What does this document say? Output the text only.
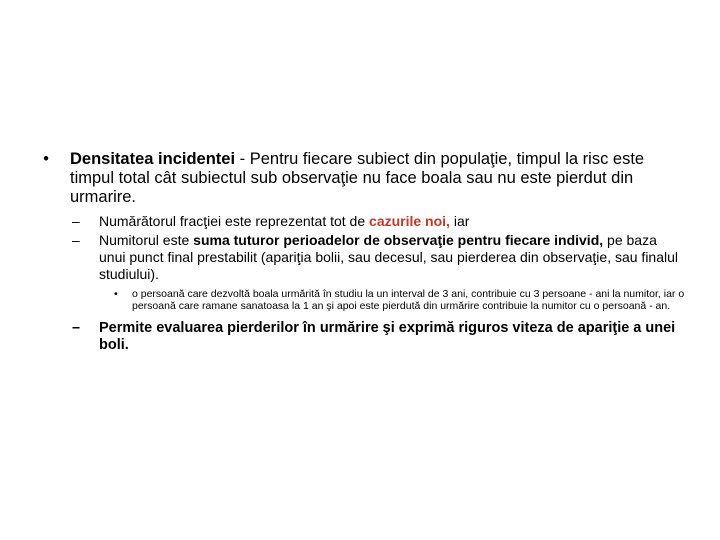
•	Densitatea incidentei - Pentru fiecare subiect din populaţie, timpul la risc este timpul total cât subiectul sub observaţie nu face boala sau nu este pierdut din urmarire.
– Numărătorul fracţiei este reprezentat tot de cazurile noi, iar
– Numitorul este suma tuturor perioadelor de observaţie pentru fiecare individ, pe baza unui punct final prestabilit (apariţia bolii, sau decesul, sau pierderea din observaţie, sau finalul studiului).
• o persoană care dezvoltă boala urmărită în studiu la un interval de 3 ani, contribuie cu 3 persoane - ani la numitor, iar o persoană care ramane sanatoasa la 1 an şi apoi este pierdută din urmărire contribuie la numitor cu o persoană - an.
– Permite evaluarea pierderilor în urmărire şi exprimă riguros viteza de apariţie a unei boli.
